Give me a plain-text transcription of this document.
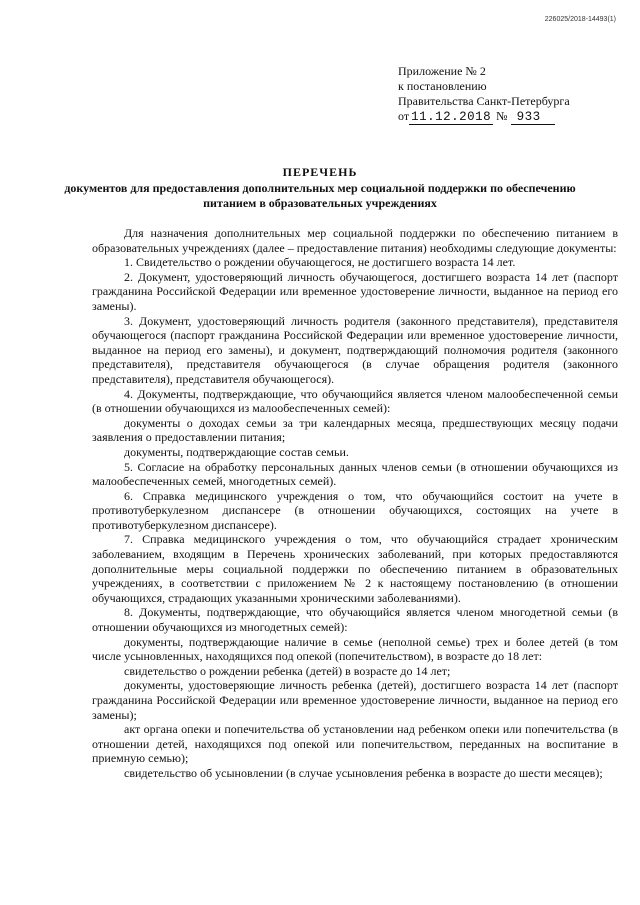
226025/2018-14493(1)
Приложение № 2
к постановлению
Правительства Санкт-Петербурга
от 11.12.2018 № 933
ПЕРЕЧЕНЬ
документов для предоставления дополнительных мер социальной поддержки по обеспечению питанием в образовательных учреждениях

Для назначения дополнительных мер социальной поддержки по обеспечению питанием в образовательных учреждениях (далее – предоставление питания) необходимы следующие документы:

1. Свидетельство о рождении обучающегося, не достигшего возраста 14 лет.

2. Документ, удостоверяющий личность обучающегося, достигшего возраста 14 лет (паспорт гражданина Российской Федерации или временное удостоверение личности, выданное на период его замены).

3. Документ, удостоверяющий личность родителя (законного представителя), представителя обучающегося (паспорт гражданина Российской Федерации или временное удостоверение личности, выданное на период его замены), и документ, подтверждающий полномочия родителя (законного представителя), представителя обучающегося (в случае обращения родителя (законного представителя), представителя обучающегося).

4. Документы, подтверждающие, что обучающийся является членом малообеспеченной семьи (в отношении обучающихся из малообеспеченных семей):

документы о доходах семьи за три календарных месяца, предшествующих месяцу подачи заявления о предоставлении питания;

документы, подтверждающие состав семьи.

5. Согласие на обработку персональных данных членов семьи (в отношении обучающихся из малообеспеченных семей, многодетных семей).

6. Справка медицинского учреждения о том, что обучающийся состоит на учете в противотуберкулезном диспансере (в отношении обучающихся, состоящих на учете в противотуберкулезном диспансере).

7. Справка медицинского учреждения о том, что обучающийся страдает хроническим заболеванием, входящим в Перечень хронических заболеваний, при которых предоставляются дополнительные меры социальной поддержки по обеспечению питанием в образовательных учреждениях, в соответствии с приложением № 2 к настоящему постановлению (в отношении обучающихся, страдающих указанными хроническими заболеваниями).

8. Документы, подтверждающие, что обучающийся является членом многодетной семьи (в отношении обучающихся из многодетных семей):

документы, подтверждающие наличие в семье (неполной семье) трех и более детей (в том числе усыновленных, находящихся под опекой (попечительством), в возрасте до 18 лет:

свидетельство о рождении ребенка (детей) в возрасте до 14 лет;

документы, удостоверяющие личность ребенка (детей), достигшего возраста 14 лет (паспорт гражданина Российской Федерации или временное удостоверение личности, выданное на период его замены);

акт органа опеки и попечительства об установлении над ребенком опеки или попечительства (в отношении детей, находящихся под опекой или попечительством, переданных на воспитание в приемную семью);

свидетельство об усыновлении (в случае усыновления ребенка в возрасте до шести месяцев);
